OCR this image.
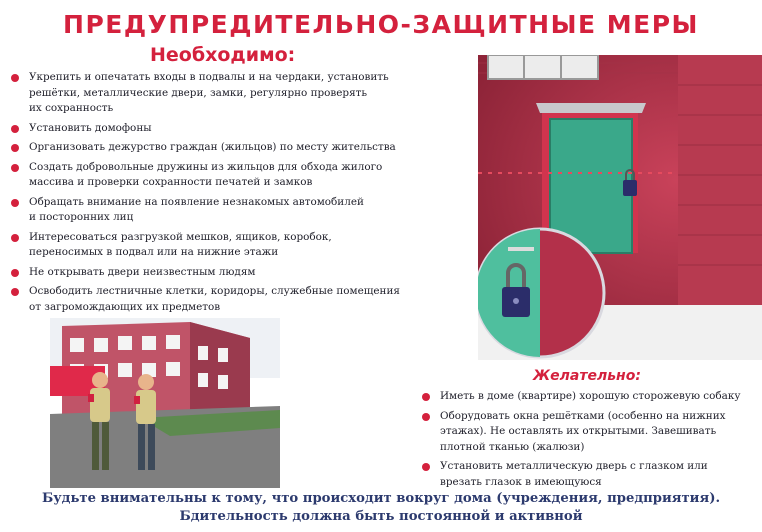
ПРЕДУПРЕДИТЕЛЬНО-ЗАЩИТНЫЕ МЕРЫ
Необходимо:
Укрепить и опечатать входы в подвалы и на чердаки, установить
решётки, металлические двери, замки, регулярно проверять
их сохранность
Установить домофоны
Организовать дежурство граждан (жильцов) по месту жительства
Создать добровольные дружины из жильцов для обхода жилого
массива и проверки сохранности печатей и замков
Обращать внимание на появление незнакомых автомобилей
и посторонних лиц
Интересоваться разгрузкой мешков, ящиков, коробок,
переносимых в подвал или на нижние этажи
Не открывать двери неизвестным людям
Освободить лестничные клетки, коридоры, служебные помещения
от загромождающих их предметов
Желательно:
Иметь в доме (квартире) хорошую сторожевую собаку
Оборудовать окна решётками (особенно на нижних
этажах). Не оставлять их открытыми. Завешивать
плотной тканью (жалюзи)
Установить металлическую дверь с глазком или
врезать глазок в имеющуюся
Будьте внимательны к тому, что происходит вокруг дома (учреждения, предприятия).
Бдительность должна быть постоянной и активной
